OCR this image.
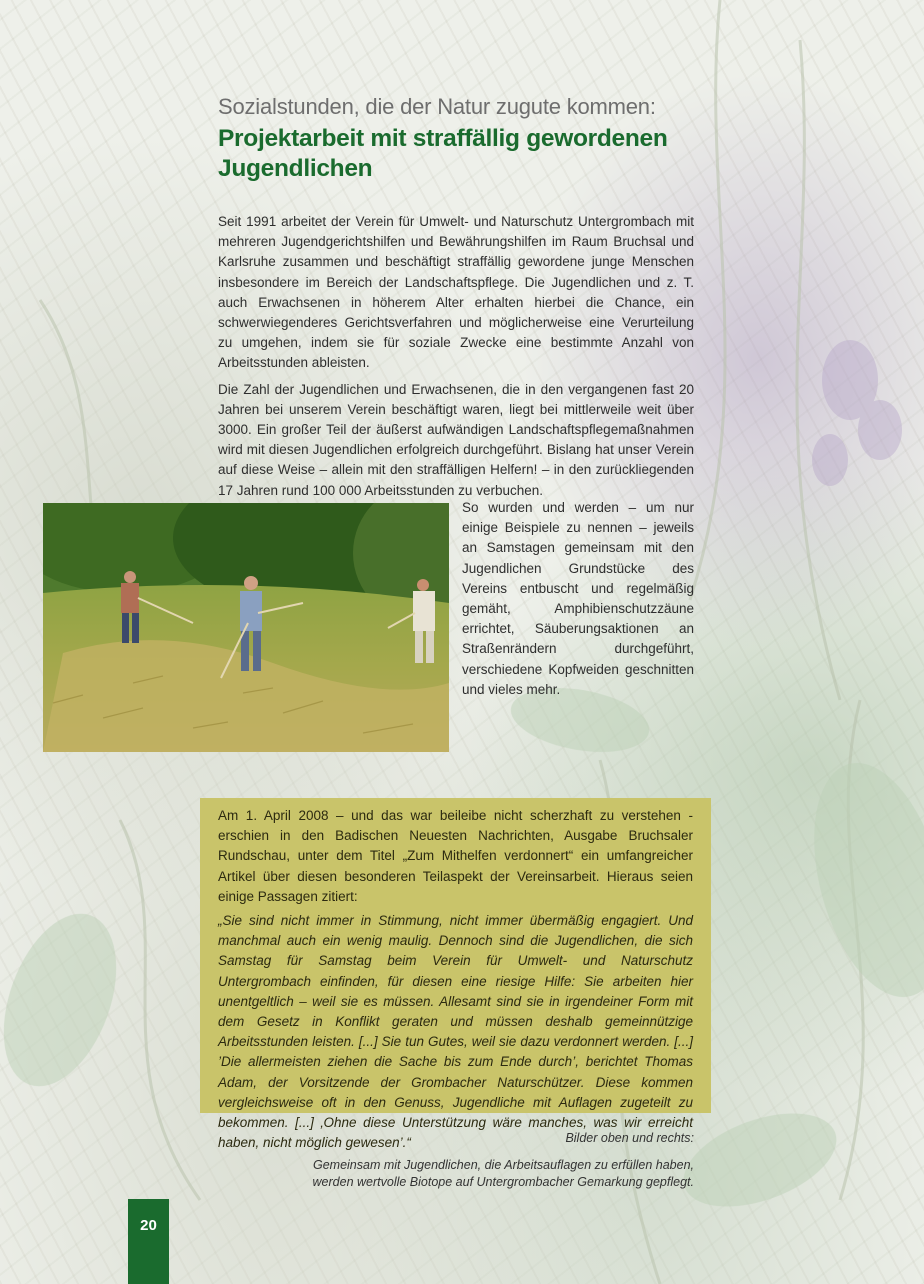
Sozialstunden, die der Natur zugute kommen:
Projektarbeit mit straffällig gewordenen
Jugendlichen

Seit 1991 arbeitet der Verein für Umwelt- und Naturschutz Untergrombach mit mehreren Jugendgerichtshilfen und Bewährungshilfen im Raum Bruchsal und Karlsruhe zusammen und beschäftigt straffällig gewordene junge Menschen insbesondere im Bereich der Landschaftspflege. Die Jugendlichen und z. T. auch Erwachsenen in höherem Alter erhalten hierbei die Chance, ein schwerwiegenderes Gerichtsverfahren und möglicherweise eine Verurteilung zu umgehen, indem sie für soziale Zwecke eine bestimmte Anzahl von Arbeitsstunden ableisten.

Die Zahl der Jugendlichen und Erwachsenen, die in den vergangenen fast 20 Jahren bei unserem Verein beschäftigt waren, liegt bei mittlerweile weit über 3000. Ein großer Teil der äußerst aufwändigen Landschaftspflegemaßnahmen wird mit diesen Jugendlichen erfolgreich durchgeführt. Bislang hat unser Verein auf diese Weise – allein mit den straffälligen Helfern! – in den zurückliegenden 17 Jahren rund 100 000 Arbeitsstunden zu verbuchen.

So wurden und werden – um nur einige Beispiele zu nennen – jeweils an Samstagen gemeinsam mit den Jugendlichen Grundstücke des Vereins entbuscht und regelmäßig gemäht, Amphibienschutzzäune errichtet, Säuberungsaktionen an Straßenrändern durchgeführt, verschiedene Kopfweiden geschnitten und vieles mehr.

Am 1. April 2008 – und das war beileibe nicht scherzhaft zu verstehen - erschien in den Badischen Neuesten Nachrichten, Ausgabe Bruchsaler Rundschau, unter dem Titel „Zum Mithelfen verdonnert“ ein umfangreicher Artikel über diesen besonderen Teilaspekt der Vereinsarbeit. Hieraus seien einige Passagen zitiert:

„Sie sind nicht immer in Stimmung, nicht immer übermäßig engagiert. Und manchmal auch ein wenig maulig. Dennoch sind die Jugendlichen, die sich Samstag für Samstag beim Verein für Umwelt- und Naturschutz Untergrombach einfinden, für diesen eine riesige Hilfe: Sie arbeiten hier unentgeltlich – weil sie es müssen. Allesamt sind sie in irgendeiner Form mit dem Gesetz in Konflikt geraten und müssen deshalb gemeinnützige Arbeitsstunden leisten. [...] Sie tun Gutes, weil sie dazu verdonnert werden. [...] ’Die allermeisten ziehen die Sache bis zum Ende durch’, berichtet Thomas Adam, der Vorsitzende der Grombacher Naturschützer. Diese kommen vergleichsweise oft in den Genuss, Jugendliche mit Auflagen zugeteilt zu bekommen. [...] ‚Ohne diese Unterstützung wäre manches, was wir erreicht haben, nicht möglich gewesen’.“	Bilder oben und rechts:
Gemeinsam mit Jugendlichen, die Arbeitsauflagen zu erfüllen haben,
werden wertvolle Biotope auf Untergrombacher Gemarkung gepflegt.
20
